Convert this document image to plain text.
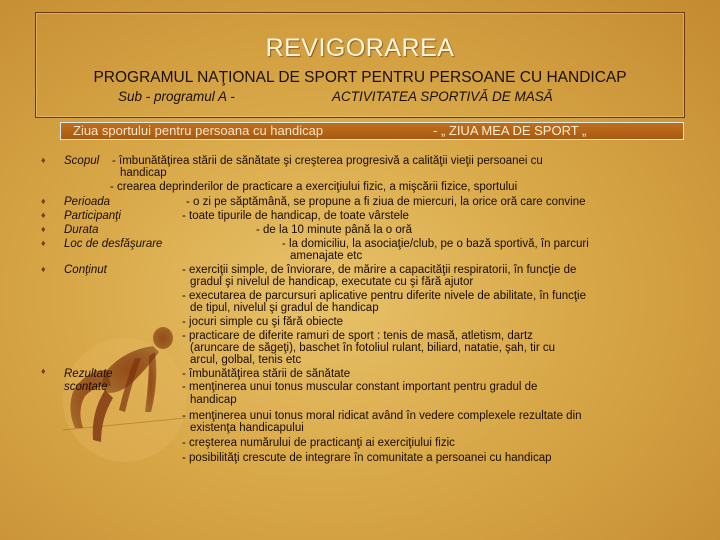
REVIGORAREA
PROGRAMUL NAŢIONAL DE SPORT PENTRU PERSOANE CU HANDICAP
Sub - programul A -	ACTIVITATEA SPORTIVĂ DE MASĂ
Ziua sportului pentru persoana cu handicap	- „ ZIUA MEA DE SPORT „
♦
♦
♦
♦
♦
♦
♦
Scopul - îmbunătăţirea stării de sănătate şi creşterea progresivă a calităţii vieţii persoanei cu
handicap
- crearea deprinderilor de practicare a exerciţiului fizic, a mişcării fizice, sportului
Perioada	- o zi pe săptămână, se propune a fi ziua de miercuri, la orice oră care convine
Participanţi	- toate tipurile de handicap, de toate vârstele
Durata	- de la 10 minute până la o oră
Loc de desfăşurare	- la domiciliu, la asociaţie/club, pe o bază sportivă, în parcuri
amenajate etc
Conţinut	- exerciţii simple, de înviorare, de mărire a capacităţii respiratorii, în funcţie de
gradul şi nivelul de handicap, executate cu şi fără ajutor
- executarea de parcursuri aplicative pentru diferite nivele de abilitate, în funcţie
de tipul, nivelul şi gradul de handicap
- jocuri simple cu şi fără obiecte
- practicare de diferite ramuri de sport : tenis de masă, atletism, dartz
(aruncare de săgeţi), baschet în fotoliul rulant, biliard, natatie, şah, tir cu
arcul, golbal, tenis etc
Rezultate
scontate
- îmbunătăţirea stării de sănătate
- menţinerea unui tonus muscular constant important pentru gradul de
handicap
- menţinerea unui tonus moral ridicat având în vedere complexele rezultate din
existenţa handicapului
- creşterea numărului de practicanţi ai exerciţiului fizic
- posibilităţi crescute de integrare în comunitate a persoanei cu handicap
